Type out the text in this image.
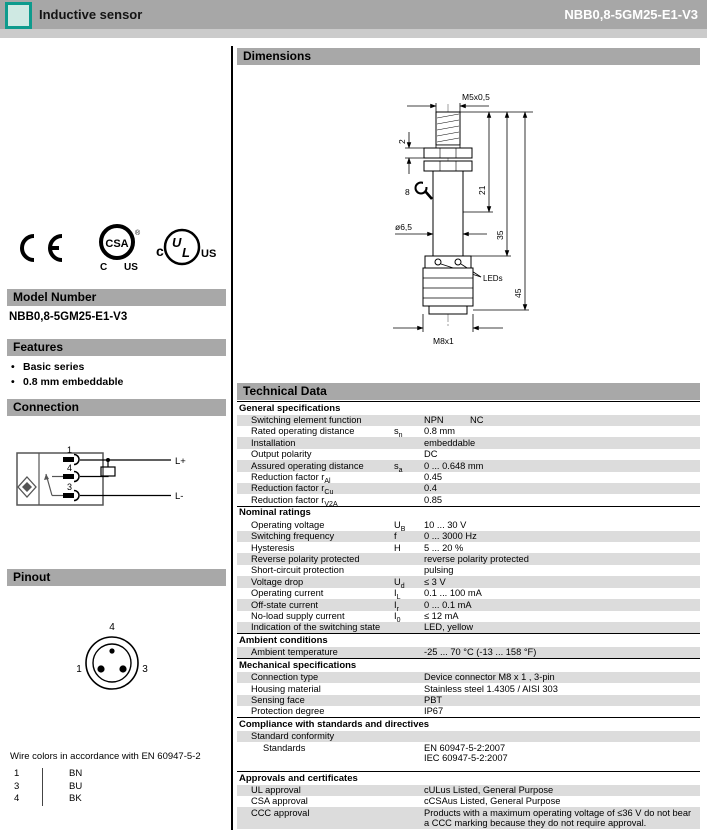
Inductive sensor	NBB0,8-5GM25-E1-V3
CSA
®
C US
c
U
L US
Model Number
NBB0,8-5GM25-E1-V3
Features
• Basic series
• 0.8 mm embeddable
Connection
1
4
3
L+
L-
Pinout
4
1	3
Wire colors in accordance with EN 60947-5-2
1	BN
3	BU
4	BK
Dimensions
M5x0,5
2
8
ø6,5
LEDs
M8x1
21
35
45
Technical Data
General specifications
Switching element function	NPN	NC
Rated operating distance	$s_n$	0.8 mm
Installation	embeddable
Output polarity	DC
Assured operating distance	$s_a$	0 ... 0.648 mm
Reduction factor $r_{Al}$	0.45
Reduction factor $r_{Cu}$	0.4
Reduction factor $r_{V2A}$	0.85
Nominal ratings
Operating voltage	$U_B$	10 ... 30 V
Switching frequency	f	0 ... 3000 Hz
Hysteresis	H	5 ... 20 %
Reverse polarity protected	reverse polarity protected
Short-circuit protection	pulsing
Voltage drop	$U_d$	≤ 3 V
Operating current	$I_L$	0.1 ... 100 mA
Off-state current	$I_r$	0 ... 0.1 mA
No-load supply current	$I_0$	≤ 12 mA
Indication of the switching state	LED, yellow
Ambient conditions
Ambient temperature	-25 ... 70 °C (-13 ... 158 °F)
Mechanical specifications
Connection type	Device connector M8 x 1 , 3-pin
Housing material	Stainless steel 1.4305 / AISI 303
Sensing face	PBT
Protection degree	IP67
Compliance with standards and directives
Standard conformity
Standards	EN 60947-5-2:2007
IEC 60947-5-2:2007
Approvals and certificates
UL approval	cULus Listed, General Purpose
CSA approval	cCSAus Listed, General Purpose
CCC approval	Products with a maximum operating voltage of ≤36 V do not bear a CCC marking because they do not require approval.
